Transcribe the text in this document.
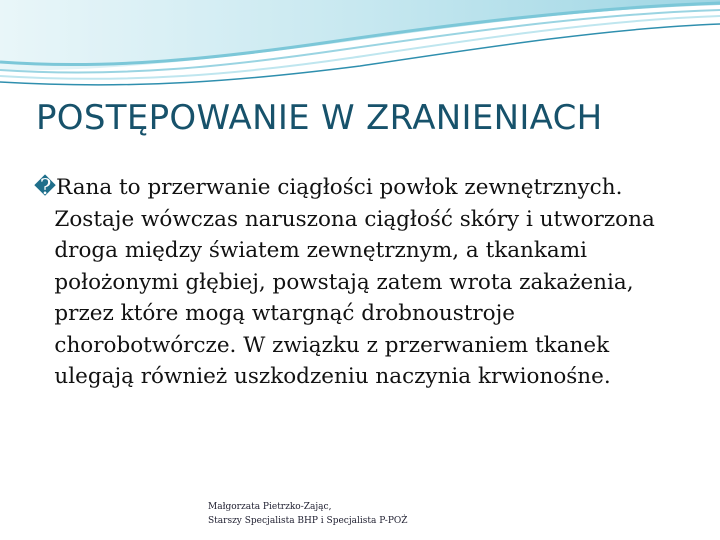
POSTĘPOWANIE W ZRANIENIACH

�Rana to przerwanie ciągłości powłok zewnętrznych. Zostaje wówczas naruszona ciągłość skóry i utworzona droga między światem zewnętrznym, a tkankami położonymi głębiej, powstają zatem wrota zakażenia, przez które mogą wtargnąć drobnoustroje chorobotwórcze. W związku z przerwaniem tkanek ulegają również uszkodzeniu naczynia krwionośne.

Małgorzata Pietrzko-Zając,
Starszy Specjalista BHP i Specjalista P-POŻ
